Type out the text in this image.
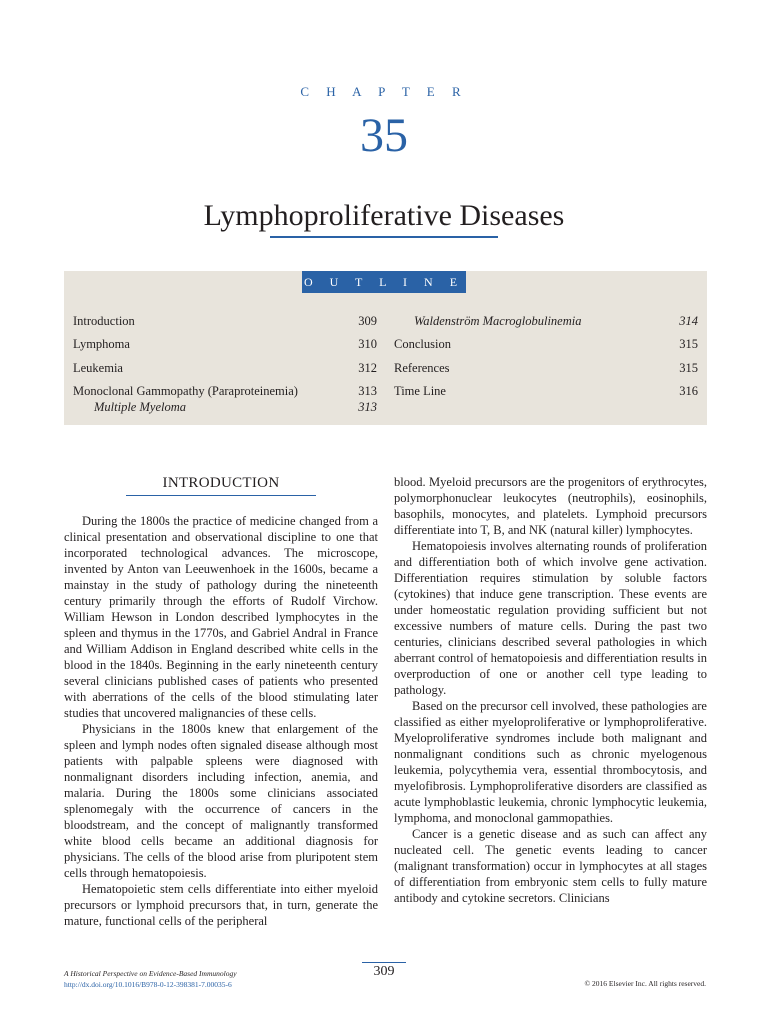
C H A P T E R
35
Lymphoproliferative Diseases
O U T L I N E
Introduction	309
Lymphoma	310
Leukemia	312
Monoclonal Gammopathy (Paraproteinemia)	313
Multiple Myeloma	313
Waldenström Macroglobulinemia	314
Conclusion	315
References	315
Time Line	316
INTRODUCTION

During the 1800s the practice of medicine changed from a clinical presentation and observational discipline to one that incorporated technological advances. The microscope, invented by Anton van Leeuwenhoek in the 1600s, became a mainstay in the study of pathology during the nineteenth century primarily through the efforts of Rudolf Virchow. William Hewson in London described lymphocytes in the spleen and thymus in the 1770s, and Gabriel Andral in France and William Addison in England described white cells in the blood in the 1840s. Beginning in the early nineteenth century several clinicians published cases of patients who presented with aberrations of the cells of the blood stimulating later studies that uncovered malignancies of these cells.

Physicians in the 1800s knew that enlargement of the spleen and lymph nodes often signaled disease although most patients with palpable spleens were diagnosed with nonmalignant disorders including infection, anemia, and malaria. During the 1800s some clinicians associated splenomegaly with the occurrence of cancers in the bloodstream, and the concept of malignantly transformed white blood cells became an additional diagnosis for physicians. The cells of the blood arise from pluripotent stem cells through hematopoiesis.

Hematopoietic stem cells differentiate into either myeloid precursors or lymphoid precursors that, in turn, generate the mature, functional cells of the peripheral

blood. Myeloid precursors are the progenitors of erythrocytes, polymorphonuclear leukocytes (neutrophils), eosinophils, basophils, monocytes, and platelets. Lymphoid precursors differentiate into T, B, and NK (natural killer) lymphocytes.

Hematopoiesis involves alternating rounds of proliferation and differentiation both of which involve gene activation. Differentiation requires stimulation by soluble factors (cytokines) that induce gene transcription. These events are under homeostatic regulation providing sufficient but not excessive numbers of mature cells. During the past two centuries, clinicians described several pathologies in which aberrant control of hematopoiesis and differentiation results in overproduction of one or another cell type leading to pathology.

Based on the precursor cell involved, these pathologies are classified as either myeloproliferative or lymphoproliferative. Myeloproliferative syndromes include both malignant and nonmalignant conditions such as chronic myelogenous leukemia, polycythemia vera, essential thrombocytosis, and myelofibrosis. Lymphoproliferative disorders are classified as acute lymphoblastic leukemia, chronic lymphocytic leukemia, lymphoma, and monoclonal gammopathies.

Cancer is a genetic disease and as such can affect any nucleated cell. The genetic events leading to cancer (malignant transformation) occur in lymphocytes at all stages of differentiation from embryonic stem cells to fully mature antibody and cytokine secretors. Clinicians

A Historical Perspective on Evidence-Based Immunology
http://dx.doi.org/10.1016/B978-0-12-398381-7.00035-6
309
© 2016 Elsevier Inc. All rights reserved.
